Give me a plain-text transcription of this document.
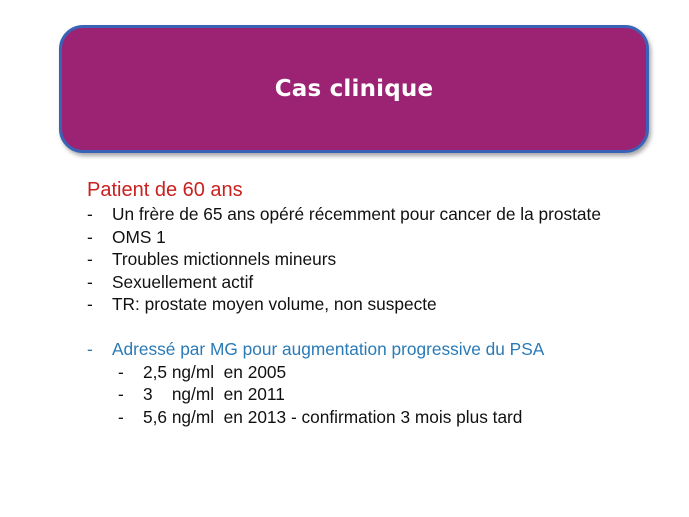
Cas clinique
Patient de 60 ans
- Un frère de 65 ans opéré récemment pour cancer de la prostate
- OMS 1
- Troubles mictionnels mineurs
- Sexuellement actif
- TR: prostate moyen volume, non suspecte
- Adressé par MG pour augmentation progressive du PSA
- 2,5 ng/ml  en 2005
- 3    ng/ml  en 2011
- 5,6 ng/ml  en 2013 - confirmation 3 mois plus tard
